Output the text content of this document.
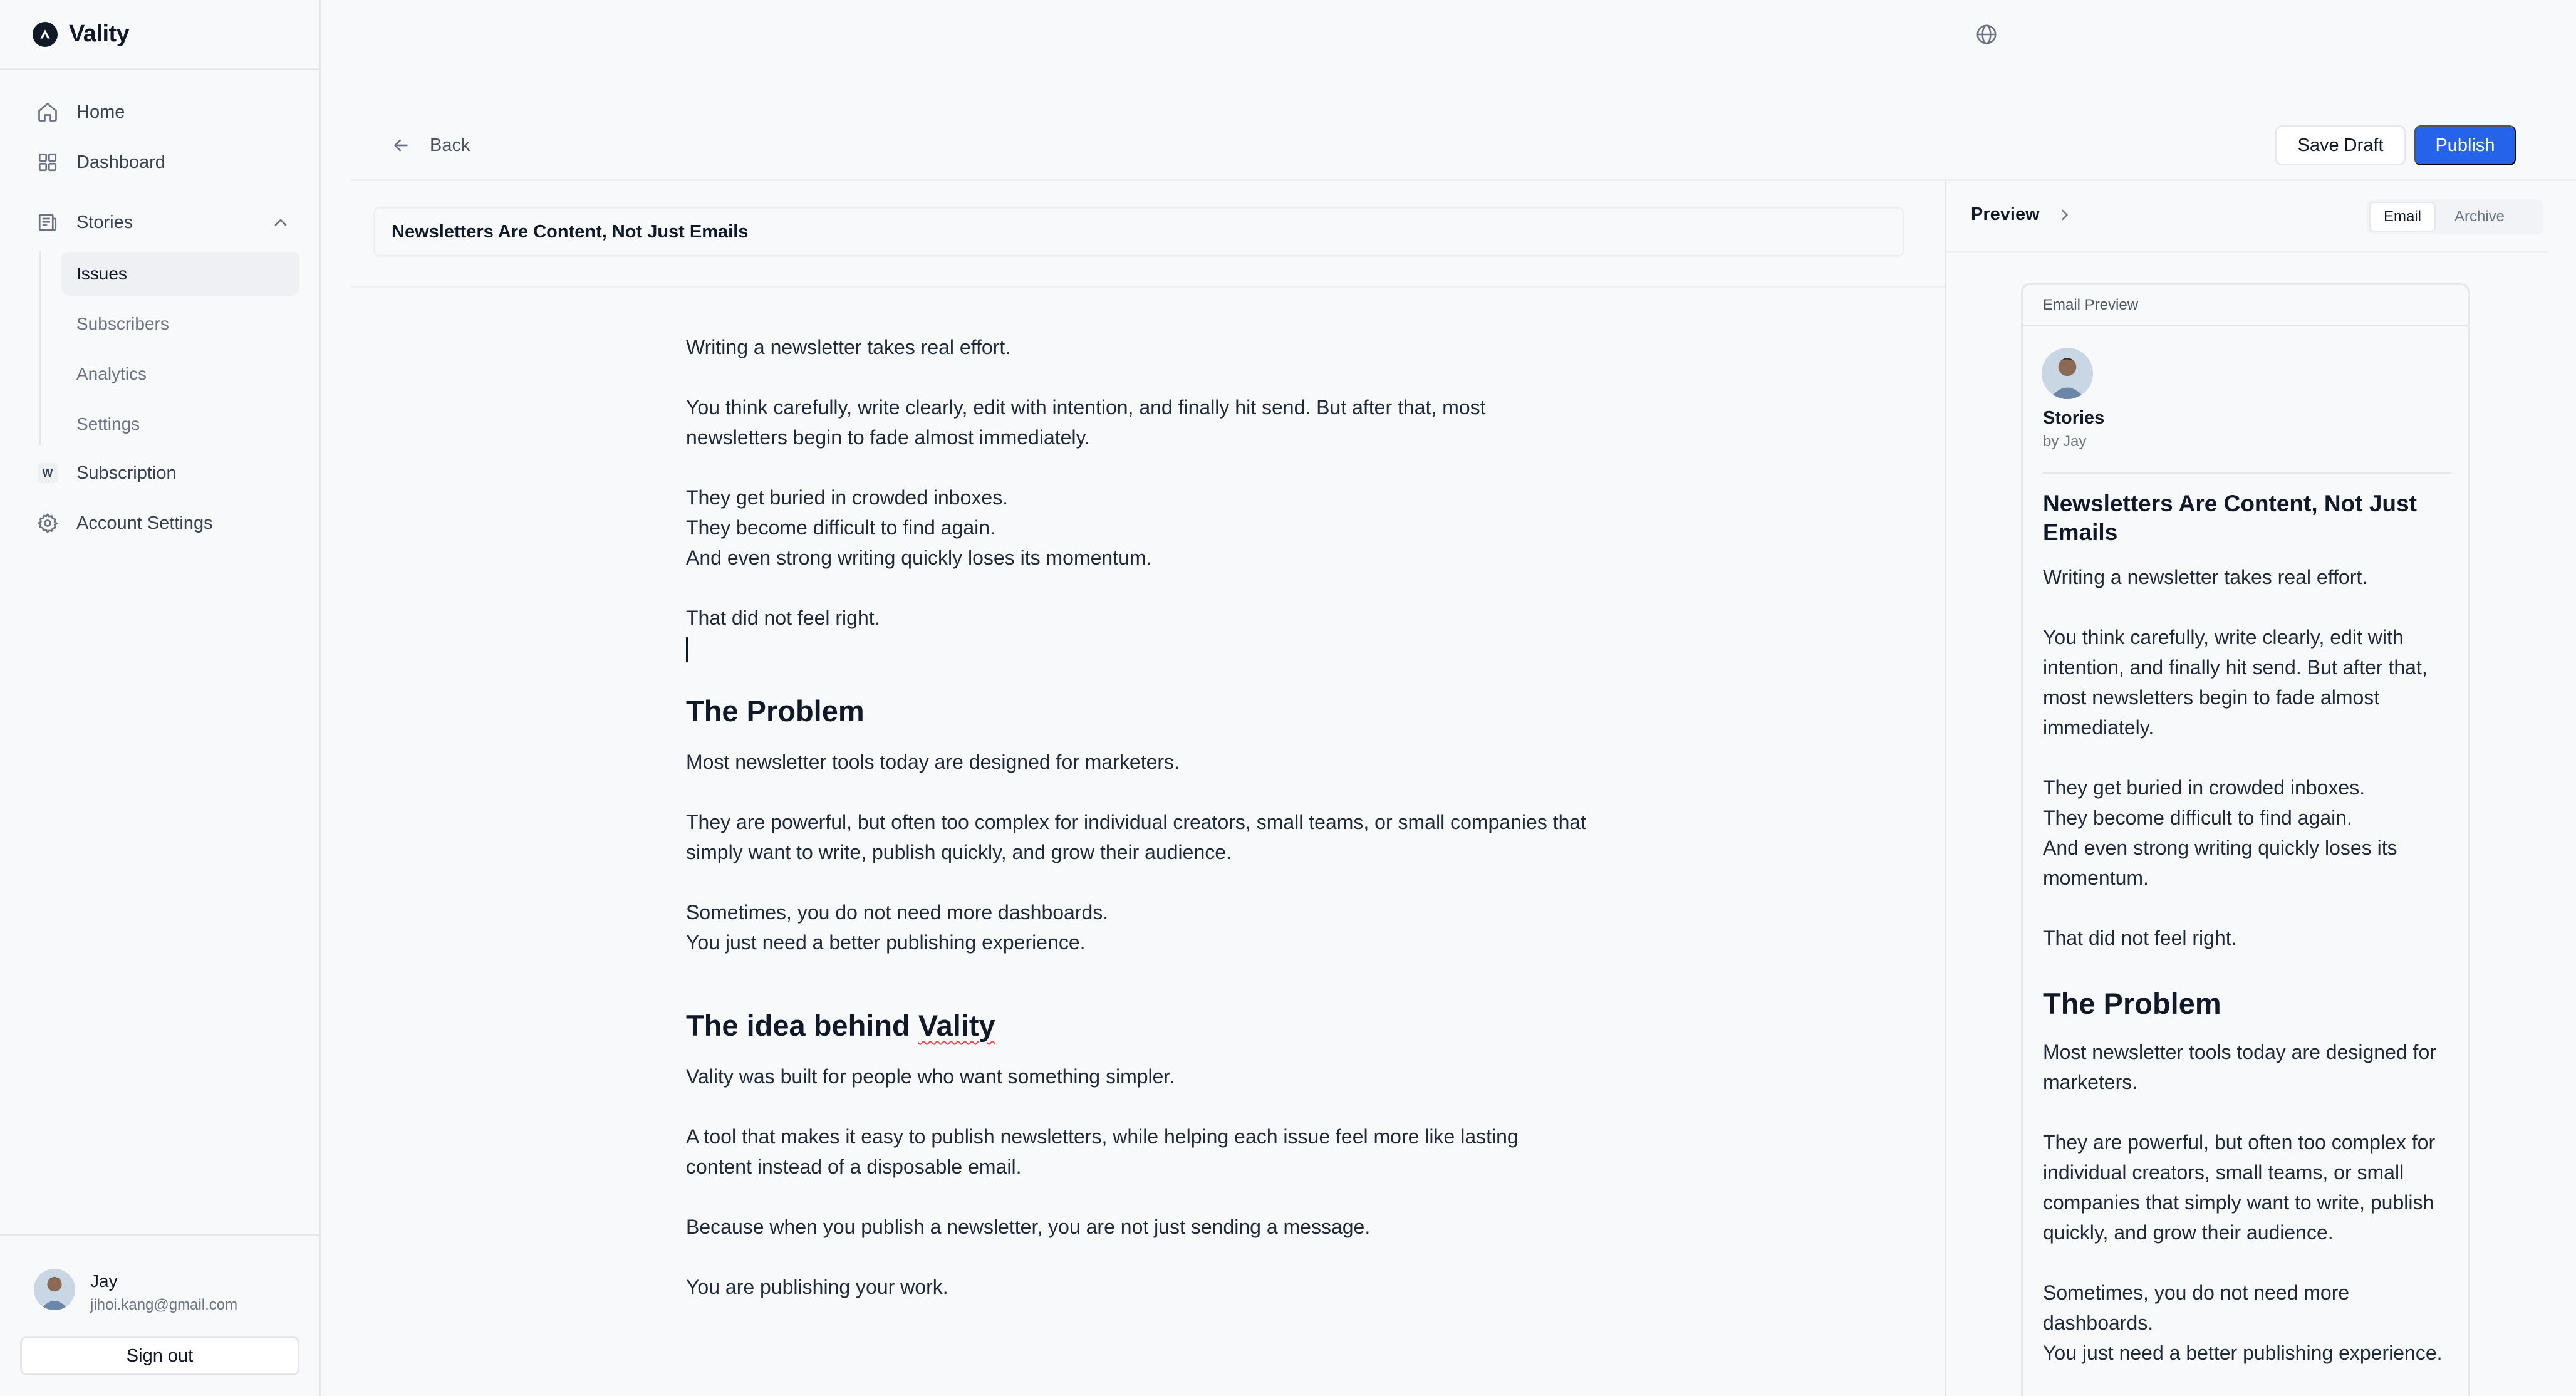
Vality
Home
Dashboard
Stories
Issues
Subscribers
Analytics
Settings
W Subscription
Account Settings
Jay
jihoi.kang@gmail.com
Sign out
Back	Save Draft	Publish
Newsletters Are Content, Not Just Emails

Writing a newsletter takes real effort.

You think carefully, write clearly, edit with intention, and finally hit send. But after that, most

newsletters begin to fade almost immediately.

They get buried in crowded inboxes.

They become difficult to find again.

And even strong writing quickly loses its momentum.

That did not feel right.

The Problem

Most newsletter tools today are designed for marketers.

They are powerful, but often too complex for individual creators, small teams, or small companies that

simply want to write, publish quickly, and grow their audience.

Sometimes, you do not need more dashboards.

You just need a better publishing experience.

The idea behind Vality

Vality was built for people who want something simpler.

A tool that makes it easy to publish newsletters, while helping each issue feel more like lasting

content instead of a disposable email.

Because when you publish a newsletter, you are not just sending a message.

You are publishing your work.

Preview	Email	Archive
Email Preview
Stories
by Jay
Newsletters Are Content, Not Just Emails

Writing a newsletter takes real effort.

You think carefully, write clearly, edit with intention, and finally hit send. But after that, most newsletters begin to fade almost immediately.

They get buried in crowded inboxes.

They become difficult to find again.

And even strong writing quickly loses its momentum.

That did not feel right.

The Problem

Most newsletter tools today are designed for marketers.

They are powerful, but often too complex for individual creators, small teams, or small companies that simply want to write, publish quickly, and grow their audience.

Sometimes, you do not need more dashboards.

You just need a better publishing experience.
